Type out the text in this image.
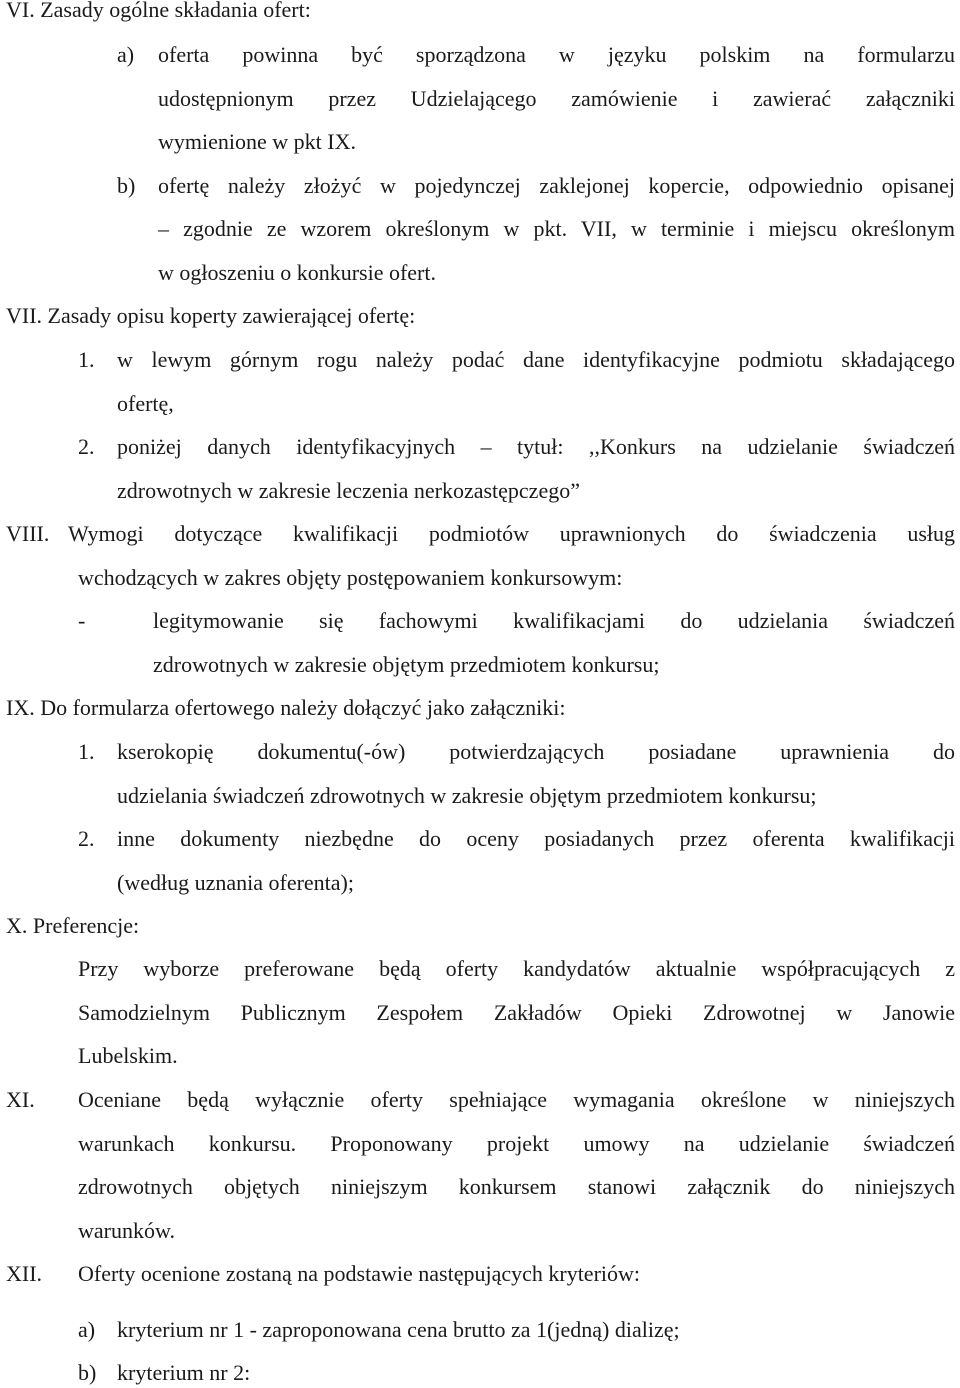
VI. Zasady ogólne składania ofert:
a) oferta powinna być sporządzona w języku polskim na formularzu
udostępnionym przez Udzielającego zamówienie i zawierać załączniki
wymienione w pkt IX.
b) ofertę należy złożyć w pojedynczej zaklejonej kopercie, odpowiednio opisanej
– zgodnie ze wzorem określonym w pkt. VII, w terminie i miejscu określonym
w ogłoszeniu o konkursie ofert.
VII. Zasady opisu koperty zawierającej ofertę:
1. w lewym górnym rogu należy podać dane identyfikacyjne podmiotu składającego
ofertę,
2. poniżej danych identyfikacyjnych – tytuł: ,,Konkurs na udzielanie świadczeń
zdrowotnych w zakresie leczenia nerkozastępczego”
VIII. Wymogi dotyczące kwalifikacji podmiotów uprawnionych do świadczenia usług
wchodzących w zakres objęty postępowaniem konkursowym:
-	legitymowanie się fachowymi kwalifikacjami do udzielania świadczeń
zdrowotnych w zakresie objętym przedmiotem konkursu;
IX. Do formularza ofertowego należy dołączyć jako załączniki:
1. kserokopię dokumentu(-ów) potwierdzających posiadane uprawnienia do
udzielania świadczeń zdrowotnych w zakresie objętym przedmiotem konkursu;
2. inne dokumenty niezbędne do oceny posiadanych przez oferenta kwalifikacji
(według uznania oferenta);
X. Preferencje:
Przy wyborze preferowane będą oferty kandydatów aktualnie współpracujących z
Samodzielnym Publicznym Zespołem Zakładów Opieki Zdrowotnej w Janowie
Lubelskim.
XI. Oceniane będą wyłącznie oferty spełniające wymagania określone w niniejszych
warunkach konkursu. Proponowany projekt umowy na udzielanie świadczeń
zdrowotnych objętych niniejszym konkursem stanowi załącznik do niniejszych
warunków.
XII. Oferty ocenione zostaną na podstawie następujących kryteriów:
a) kryterium nr 1 - zaproponowana cena brutto za 1(jedną) dializę;
b) kryterium nr 2:
